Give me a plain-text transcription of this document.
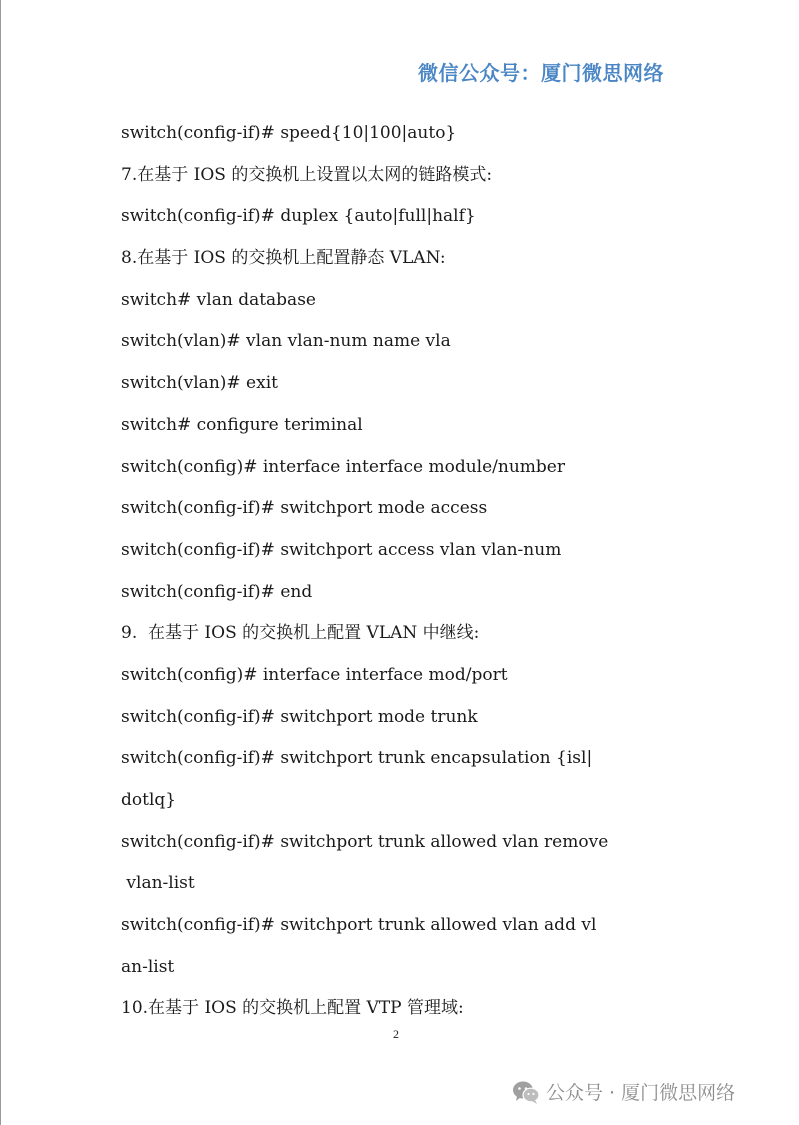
微信公众号：厦门微思网络
switch(config-if)# speed{10|100|auto}
7.在基于 IOS 的交换机上设置以太网的链路模式:
switch(config-if)# duplex {auto|full|half}
8.在基于 IOS 的交换机上配置静态 VLAN:
switch# vlan database
switch(vlan)# vlan vlan-num name vla
switch(vlan)# exit
switch# configure teriminal
switch(config)# interface interface module/number
switch(config-if)# switchport mode access
switch(config-if)# switchport access vlan vlan-num
switch(config-if)# end
9.  在基于 IOS 的交换机上配置 VLAN 中继线:
switch(config)# interface interface mod/port
switch(config-if)# switchport mode trunk
switch(config-if)# switchport trunk encapsulation {isl|
dotlq}
switch(config-if)# switchport trunk allowed vlan remove
vlan-list
switch(config-if)# switchport trunk allowed vlan add vl
an-list
10.在基于 IOS 的交换机上配置 VTP 管理域:
2
公众号 · 厦门微思网络
